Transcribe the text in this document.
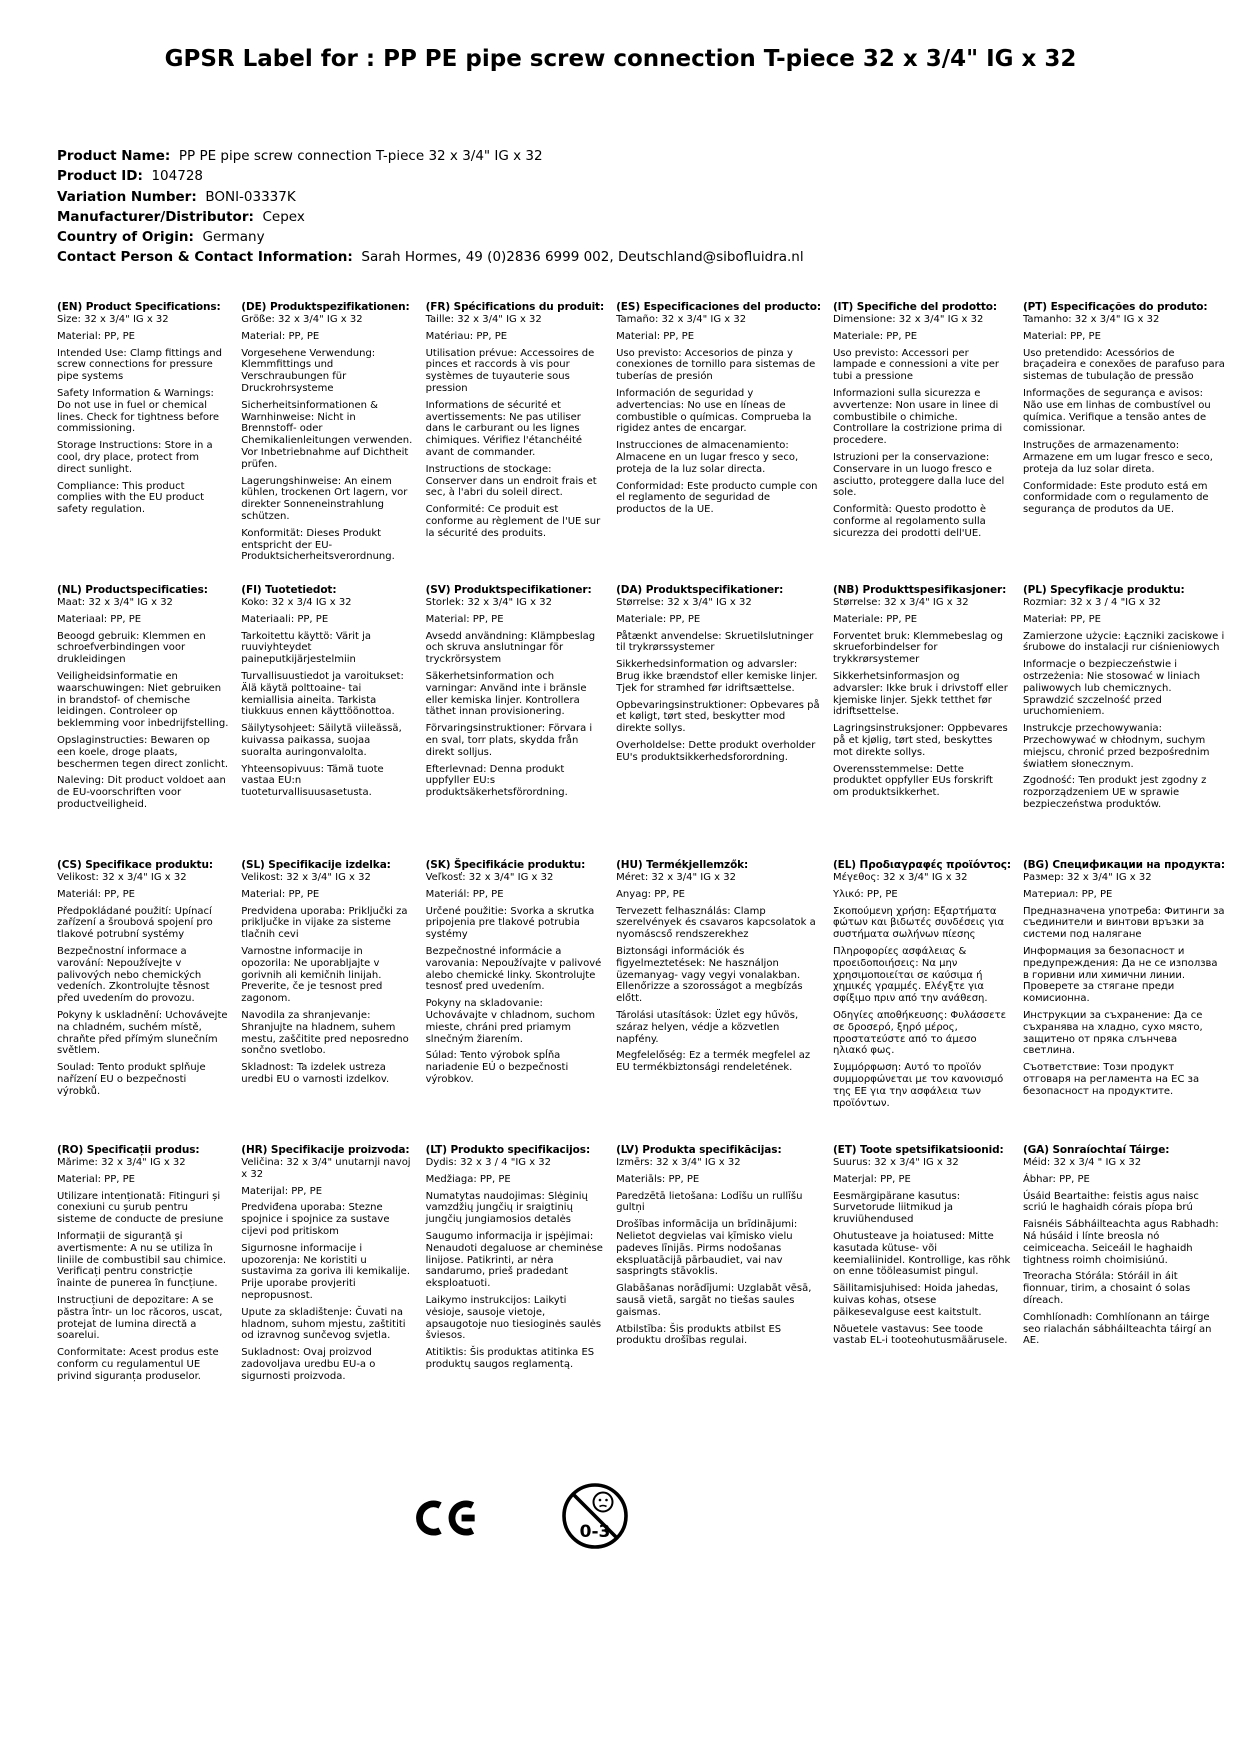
GPSR Label for : PP PE pipe screw connection T-piece 32 x 3/4" IG x 32
Product Name:  PP PE pipe screw connection T-piece 32 x 3/4" IG x 32
Product ID:  104728
Variation Number:  BONI-03337K
Manufacturer/Distributor:  Cepex
Country of Origin:  Germany
Contact Person & Contact Information:  Sarah Hormes, 49 (0)2836 6999 002, Deutschland@sibofluidra.nl
(EN) Product Specifications:

Size: 32 x 3/4" IG x 32

Material: PP, PE

Intended Use: Clamp fittings and screw connections for pressure pipe systems

Safety Information & Warnings: Do not use in fuel or chemical lines. Check for tightness before commissioning.

Storage Instructions: Store in a cool, dry place, protect from direct sunlight.

Compliance: This product complies with the EU product safety regulation.

(DE) Produktspezifikationen:

Größe: 32 x 3/4" IG x 32

Material: PP, PE

Vorgesehene Verwendung: Klemmfittings und Verschraubungen für Druckrohrsysteme

Sicherheitsinformationen & Warnhinweise: Nicht in Brennstoff- oder Chemikalienleitungen verwenden. Vor Inbetriebnahme auf Dichtheit prüfen.

Lagerungshinweise: An einem kühlen, trockenen Ort lagern, vor direkter Sonneneinstrahlung schützen.

Konformität: Dieses Produkt entspricht der EU-Produktsicherheitsverordnung.

(FR) Spécifications du produit:

Taille: 32 x 3/4" IG x 32

Matériau: PP, PE

Utilisation prévue: Accessoires de pinces et raccords à vis pour systèmes de tuyauterie sous pression

Informations de sécurité et avertissements: Ne pas utiliser dans le carburant ou les lignes chimiques. Vérifiez l'étanchéité avant de commander.

Instructions de stockage: Conserver dans un endroit frais et sec, à l'abri du soleil direct.

Conformité: Ce produit est conforme au règlement de l'UE sur la sécurité des produits.

(ES) Especificaciones del producto:

Tamaño: 32 x 3/4" IG x 32

Material: PP, PE

Uso previsto: Accesorios de pinza y conexiones de tornillo para sistemas de tuberías de presión

Información de seguridad y advertencias: No use en líneas de combustible o químicas. Comprueba la rigidez antes de encargar.

Instrucciones de almacenamiento: Almacene en un lugar fresco y seco, proteja de la luz solar directa.

Conformidad: Este producto cumple con el reglamento de seguridad de productos de la UE.

(IT) Specifiche del prodotto:

Dimensione: 32 x 3/4" IG x 32

Materiale: PP, PE

Uso previsto: Accessori per lampade e connessioni a vite per tubi a pressione

Informazioni sulla sicurezza e avvertenze: Non usare in linee di combustibile o chimiche. Controllare la costrizione prima di procedere.

Istruzioni per la conservazione: Conservare in un luogo fresco e asciutto, proteggere dalla luce del sole.

Conformità: Questo prodotto è conforme al regolamento sulla sicurezza dei prodotti dell'UE.

(PT) Especificações do produto:

Tamanho: 32 x 3/4" IG x 32

Material: PP, PE

Uso pretendido: Acessórios de braçadeira e conexões de parafuso para sistemas de tubulação de pressão

Informações de segurança e avisos: Não use em linhas de combustível ou química. Verifique a tensão antes de comissionar.

Instruções de armazenamento: Armazene em um lugar fresco e seco, proteja da luz solar direta.

Conformidade: Este produto está em conformidade com o regulamento de segurança de produtos da UE.

(NL) Productspecificaties:

Maat: 32 x 3/4" IG x 32

Materiaal: PP, PE

Beoogd gebruik: Klemmen en schroefverbindingen voor drukleidingen

Veiligheidsinformatie en waarschuwingen: Niet gebruiken in brandstof- of chemische leidingen. Controleer op beklemming voor inbedrijfstelling.

Opslaginstructies: Bewaren op een koele, droge plaats, beschermen tegen direct zonlicht.

Naleving: Dit product voldoet aan de EU-voorschriften voor productveiligheid.

(FI) Tuotetiedot:

Koko: 32 x 3/4 IG x 32

Materiaali: PP, PE

Tarkoitettu käyttö: Värit ja ruuviyhteydet paineputkijärjestelmiin

Turvallisuustiedot ja varoitukset: Älä käytä polttoaine- tai kemiallisia aineita. Tarkista tiukkuus ennen käyttöönottoa.

Säilytysohjeet: Säilytä viileässä, kuivassa paikassa, suojaa suoralta auringonvalolta.

Yhteensopivuus: Tämä tuote vastaa EU:n tuoteturvallisuusasetusta.

(SV) Produktspecifikationer:

Storlek: 32 x 3/4" IG x 32

Material: PP, PE

Avsedd användning: Klämpbeslag och skruva anslutningar för tryckrörsystem

Säkerhetsinformation och varningar: Använd inte i bränsle eller kemiska linjer. Kontrollera täthet innan provisionering.

Förvaringsinstruktioner: Förvara i en sval, torr plats, skydda från direkt solljus.

Efterlevnad: Denna produkt uppfyller EU:s produktsäkerhetsförordning.

(DA) Produktspecifikationer:

Størrelse: 32 x 3/4" IG x 32

Materiale: PP, PE

Påtænkt anvendelse: Skruetilslutninger til trykrørssystemer

Sikkerhedsinformation og advarsler: Brug ikke brændstof eller kemiske linjer. Tjek for stramhed før idriftsættelse.

Opbevaringsinstruktioner: Opbevares på et køligt, tørt sted, beskytter mod direkte sollys.

Overholdelse: Dette produkt overholder EU's produktsikkerhedsforordning.

(NB) Produkttspesifikasjoner:

Størrelse: 32 x 3/4" IG x 32

Materiale: PP, PE

Forventet bruk: Klemmebeslag og skrueforbindelser for trykkrørsystemer

Sikkerhetsinformasjon og advarsler: Ikke bruk i drivstoff eller kjemiske linjer. Sjekk tetthet før idriftsettelse.

Lagringsinstruksjoner: Oppbevares på et kjølig, tørt sted, beskyttes mot direkte sollys.

Overensstemmelse: Dette produktet oppfyller EUs forskrift om produktsikkerhet.

(PL) Specyfikacje produktu:

Rozmiar: 32 x 3 / 4 "IG x 32

Materiał: PP, PE

Zamierzone użycie: Łączniki zaciskowe i śrubowe do instalacji rur ciśnieniowych

Informacje o bezpieczeństwie i ostrzeżenia: Nie stosować w liniach paliwowych lub chemicznych. Sprawdzić szczelność przed uruchomieniem.

Instrukcje przechowywania: Przechowywać w chłodnym, suchym miejscu, chronić przed bezpośrednim światłem słonecznym.

Zgodność: Ten produkt jest zgodny z rozporządzeniem UE w sprawie bezpieczeństwa produktów.

(CS) Specifikace produktu:

Velikost: 32 x 3/4" IG x 32

Materiál: PP, PE

Předpokládané použití: Upínací zařízení a šroubová spojení pro tlakové potrubní systémy

Bezpečnostní informace a varování: Nepoužívejte v palivových nebo chemických vedeních. Zkontrolujte těsnost před uvedením do provozu.

Pokyny k uskladnění: Uchovávejte na chladném, suchém místě, chraňte před přímým slunečním světlem.

Soulad: Tento produkt splňuje nařízení EU o bezpečnosti výrobků.

(SL) Specifikacije izdelka:

Velikost: 32 x 3/4" IG x 32

Material: PP, PE

Predvidena uporaba: Priključki za priključke in vijake za sisteme tlačnih cevi

Varnostne informacije in opozorila: Ne uporabljajte v gorivnih ali kemičnih linijah. Preverite, če je tesnost pred zagonom.

Navodila za shranjevanje: Shranjujte na hladnem, suhem mestu, zaščitite pred neposredno sončno svetlobo.

Skladnost: Ta izdelek ustreza uredbi EU o varnosti izdelkov.

(SK) Špecifikácie produktu:

Veľkosť: 32 x 3/4" IG x 32

Materiál: PP, PE

Určené použitie: Svorka a skrutka pripojenia pre tlakové potrubia systémy

Bezpečnostné informácie a varovania: Nepoužívajte v palivové alebo chemické linky. Skontrolujte tesnosť pred uvedením.

Pokyny na skladovanie: Uchovávajte v chladnom, suchom mieste, chráni pred priamym slnečným žiarením.

Súlad: Tento výrobok spĺňa nariadenie EÚ o bezpečnosti výrobkov.

(HU) Termékjellemzők:

Méret: 32 x 3/4" IG x 32

Anyag: PP, PE

Tervezett felhasználás: Clamp szerelvények és csavaros kapcsolatok a nyomáscső rendszerekhez

Biztonsági információk és figyelmeztetések: Ne használjon üzemanyag- vagy vegyi vonalakban. Ellenőrizze a szorosságot a megbízás előtt.

Tárolási utasítások: Üzlet egy hűvös, száraz helyen, védje a közvetlen napfény.

Megfelelőség: Ez a termék megfelel az EU termékbiztonsági rendeletének.

(EL) Προδιαγραφές προϊόντος:

Μέγεθος: 32 x 3/4" IG x 32

Υλικό: PP, PE

Σκοπούμενη χρήση: Εξαρτήματα φώτων και βιδωτές συνδέσεις για συστήματα σωλήνων πίεσης

Πληροφορίες ασφάλειας & προειδοποιήσεις: Να μην χρησιμοποιείται σε καύσιμα ή χημικές γραμμές. Ελέγξτε για σφίξιμο πριν από την ανάθεση.

Οδηγίες αποθήκευσης: Φυλάσσετε σε δροσερό, ξηρό μέρος, προστατεύστε από το άμεσο ηλιακό φως.

Συμμόρφωση: Αυτό το προϊόν συμμορφώνεται με τον κανονισμό της ΕΕ για την ασφάλεια των προϊόντων.

(BG) Спецификации на продукта:

Размер: 32 x 3/4" IG x 32

Материал: PP, PE

Предназначена употреба: Фитинги за съединители и винтови връзки за системи под налягане

Информация за безопасност и предупреждения: Да не се използва в горивни или химични линии. Проверете за стягане преди комисионна.

Инструкции за съхранение: Да се съхранява на хладно, сухо място, защитено от пряка слънчева светлина.

Съответствие: Този продукт отговаря на регламента на ЕС за безопасност на продуктите.

(RO) Specificații produs:

Mărime: 32 x 3/4" IG x 32

Material: PP, PE

Utilizare intenționată: Fitinguri și conexiuni cu șurub pentru sisteme de conducte de presiune

Informații de siguranță și avertismente: A nu se utiliza în liniile de combustibil sau chimice. Verificați pentru constricție înainte de punerea în funcțiune.

Instrucțiuni de depozitare: A se păstra într- un loc răcoros, uscat, protejat de lumina directă a soarelui.

Conformitate: Acest produs este conform cu regulamentul UE privind siguranța produselor.

(HR) Specifikacije proizvoda:

Veličina: 32 x 3/4" unutarnji navoj x 32

Materijal: PP, PE

Predviđena uporaba: Stezne spojnice i spojnice za sustave cijevi pod pritiskom

Sigurnosne informacije i upozorenja: Ne koristiti u sustavima za goriva ili kemikalije. Prije uporabe provjeriti nepropusnost.

Upute za skladištenje: Čuvati na hladnom, suhom mjestu, zaštititi od izravnog sunčevog svjetla.

Sukladnost: Ovaj proizvod zadovoljava uredbu EU-a o sigurnosti proizvoda.

(LT) Produkto specifikacijos:

Dydis: 32 x 3 / 4 "IG x 32

Medžiaga: PP, PE

Numatytas naudojimas: Slėginių vamzdžių jungčių ir sraigtinių jungčių jungiamosios detalės

Saugumo informacija ir įspėjimai: Nenaudoti degaluose ar cheminėse linijose. Patikrinti, ar nėra sandarumo, prieš pradedant eksploatuoti.

Laikymo instrukcijos: Laikyti vėsioje, sausoje vietoje, apsaugotoje nuo tiesioginės saulės šviesos.

Atitiktis: Šis produktas atitinka ES produktų saugos reglamentą.

(LV) Produkta specifikācijas:

Izmērs: 32 x 3/4" IG x 32

Materiāls: PP, PE

Paredzētā lietošana: Lodīšu un rullīšu gultņi

Drošības informācija un brīdinājumi: Nelietot degvielas vai ķīmisko vielu padeves līnijās. Pirms nodošanas ekspluatācijā pārbaudiet, vai nav saspringts stāvoklis.

Glabāšanas norādījumi: Uzglabāt vēsā, sausā vietā, sargāt no tiešas saules gaismas.

Atbilstība: Šis produkts atbilst ES produktu drošības regulai.

(ET) Toote spetsifikatsioonid:

Suurus: 32 x 3/4" IG x 32

Materjal: PP, PE

Eesmärgipärane kasutus: Survetorude liitmikud ja kruviühendused

Ohutusteave ja hoiatused: Mitte kasutada kütuse- või keemialiinidel. Kontrollige, kas rõhk on enne tööleasumist pingul.

Säilitamisjuhised: Hoida jahedas, kuivas kohas, otsese päikesevalguse eest kaitstult.

Nõuetele vastavus: See toode vastab EL-i tooteohutusmäärusele.

(GA) Sonraíochtaí Táirge:

Méid: 32 x 3/4 " IG x 32

Ábhar: PP, PE

Úsáid Beartaithe: feistis agus naisc scriú le haghaidh córais píopa brú

Faisnéis Sábháilteachta agus Rabhadh: Ná húsáid i línte breosla nó ceimiceacha. Seiceáil le haghaidh tightness roimh choimisiúnú.

Treoracha Stórála: Stóráil in áit fionnuar, tirim, a chosaint ó solas díreach.

Comhlíonadh: Comhlíonann an táirge seo rialachán sábháilteachta táirgí an AE.

0-3
